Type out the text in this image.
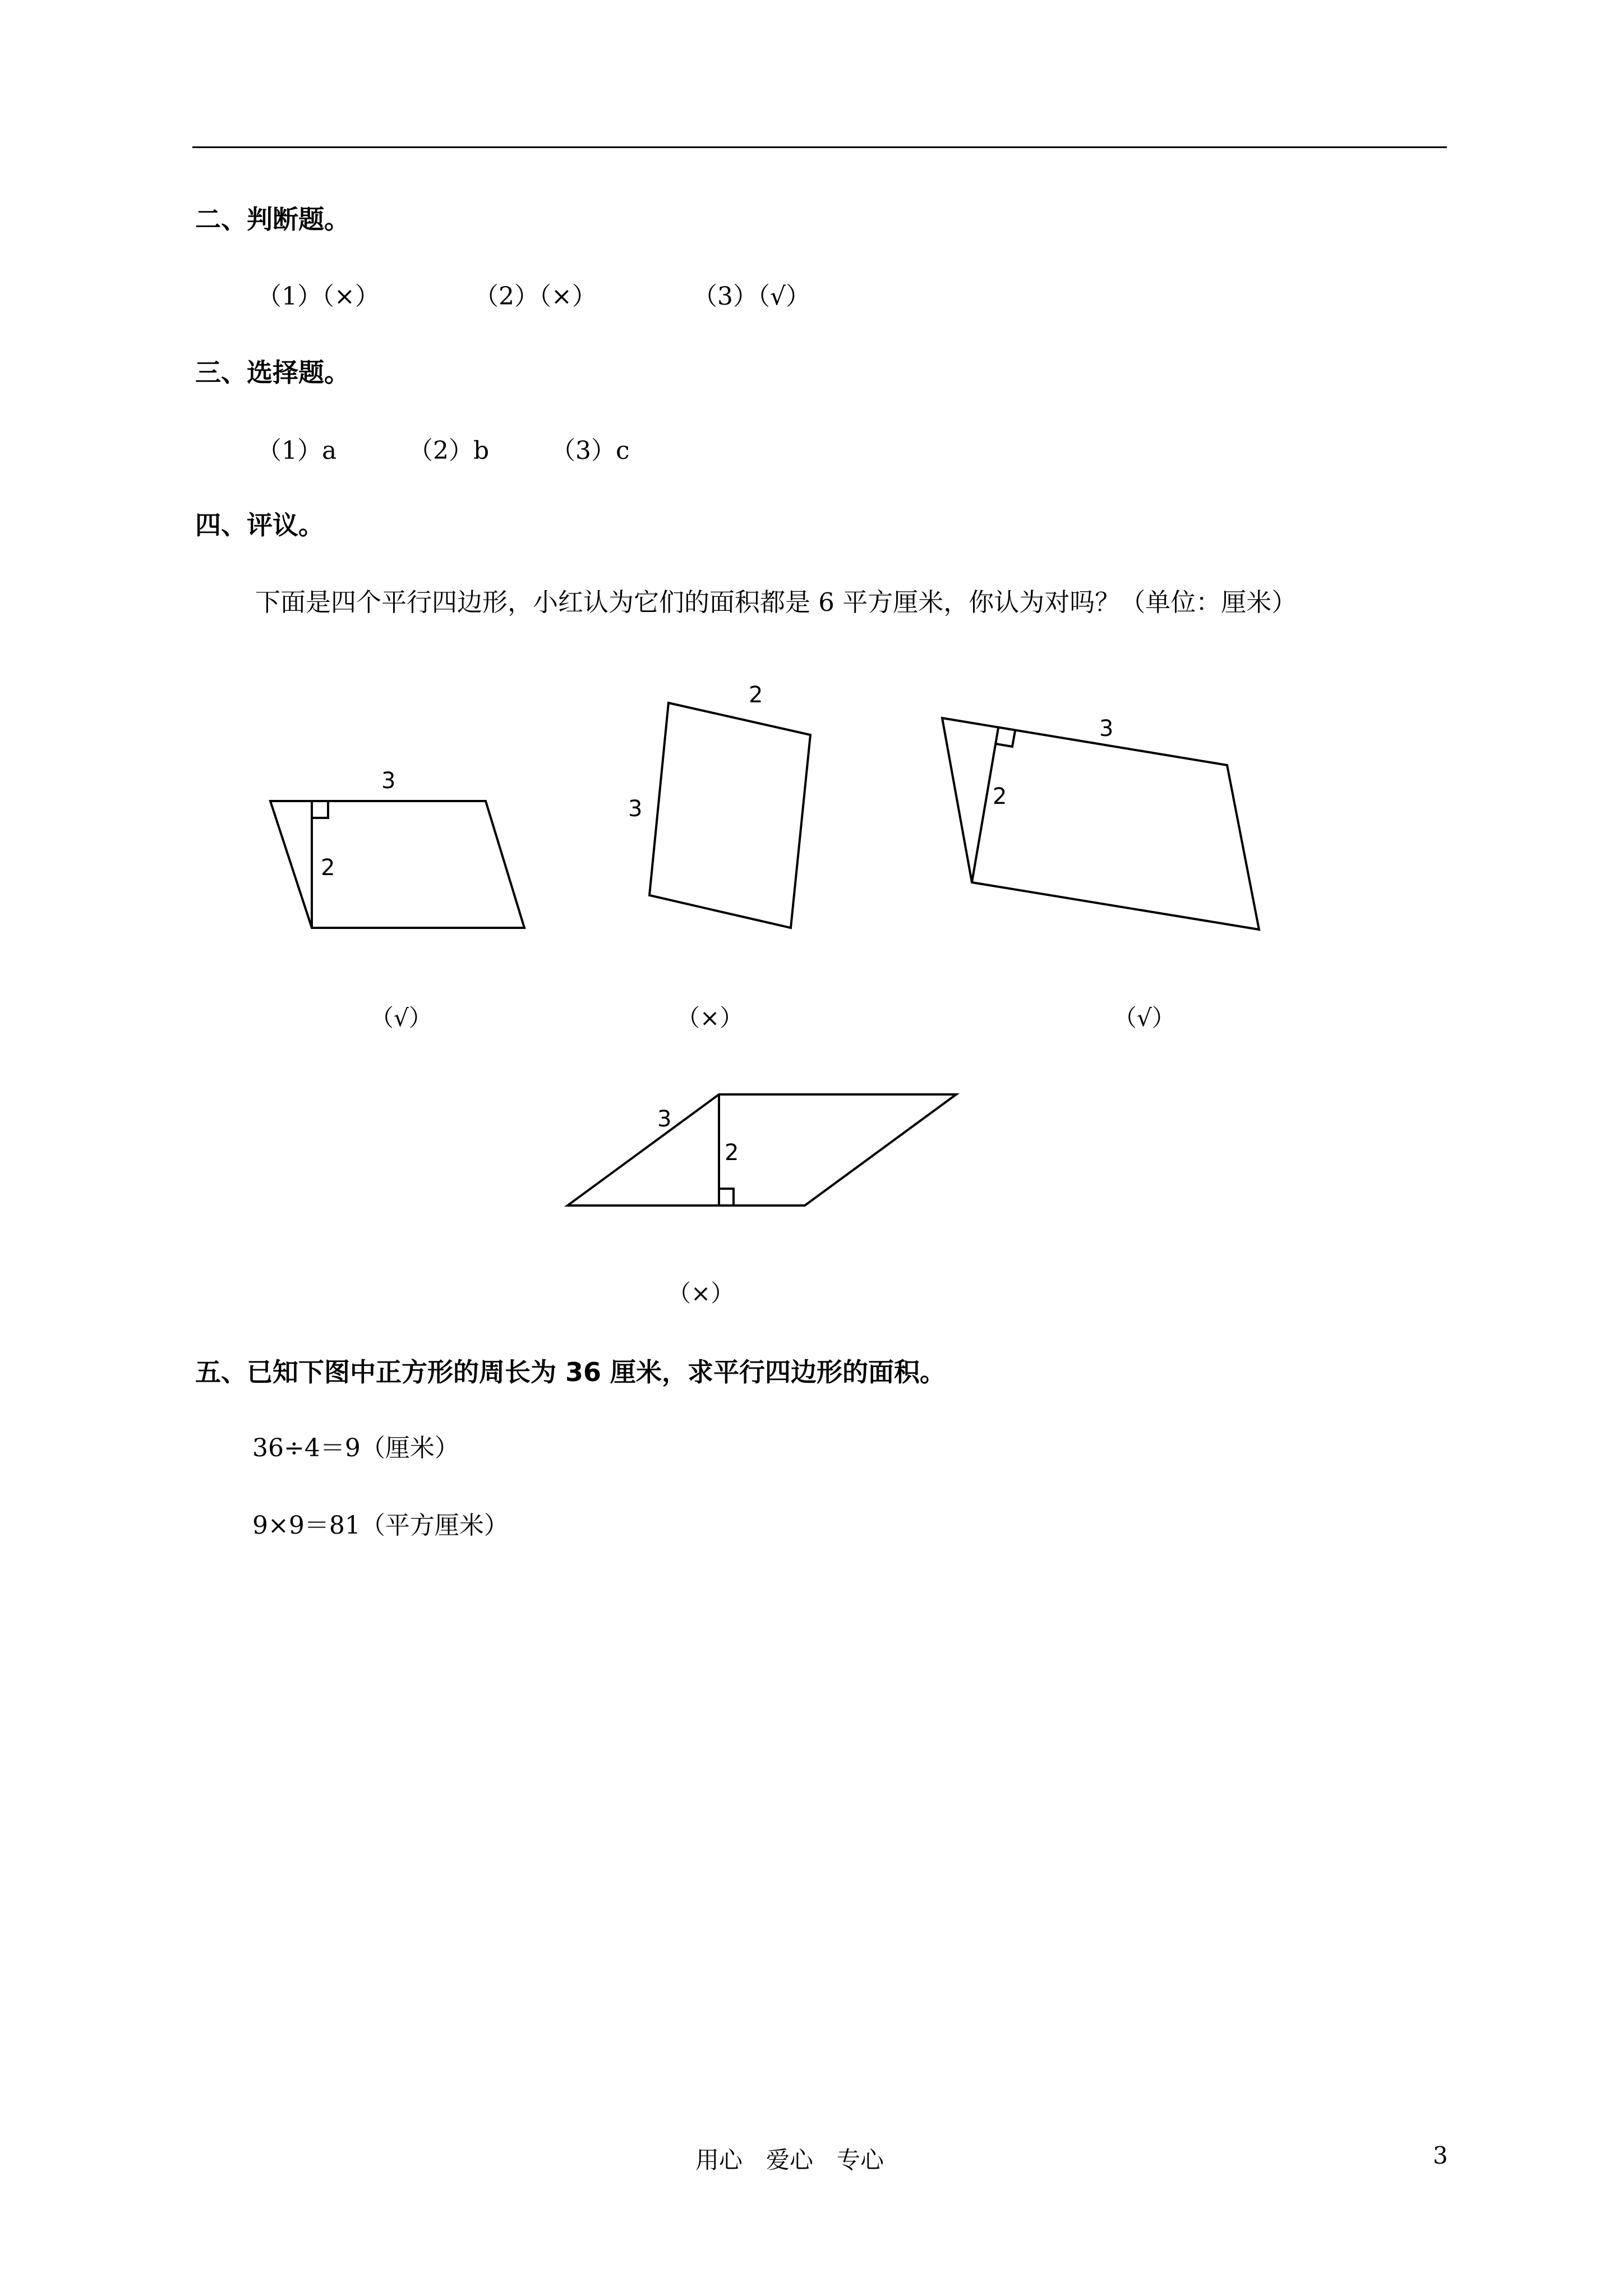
二、判断题。
（1）（×）	（2）（×）	（3）（√）
三、选择题。
（1）a	（2）b （3）c
四、评议。
下面是四个平行四边形，小红认为它们的面积都是 6 平方厘米，你认为对吗？（单位：厘米）
3
2
2
3
3
2
3
2
（√）	（×）	（√）
（×）
五、已知下图中正方形的周长为 36 厘米，求平行四边形的面积。
36÷4＝9（厘米）
9×9＝81（平方厘米）
用心　爱心　专心	3
